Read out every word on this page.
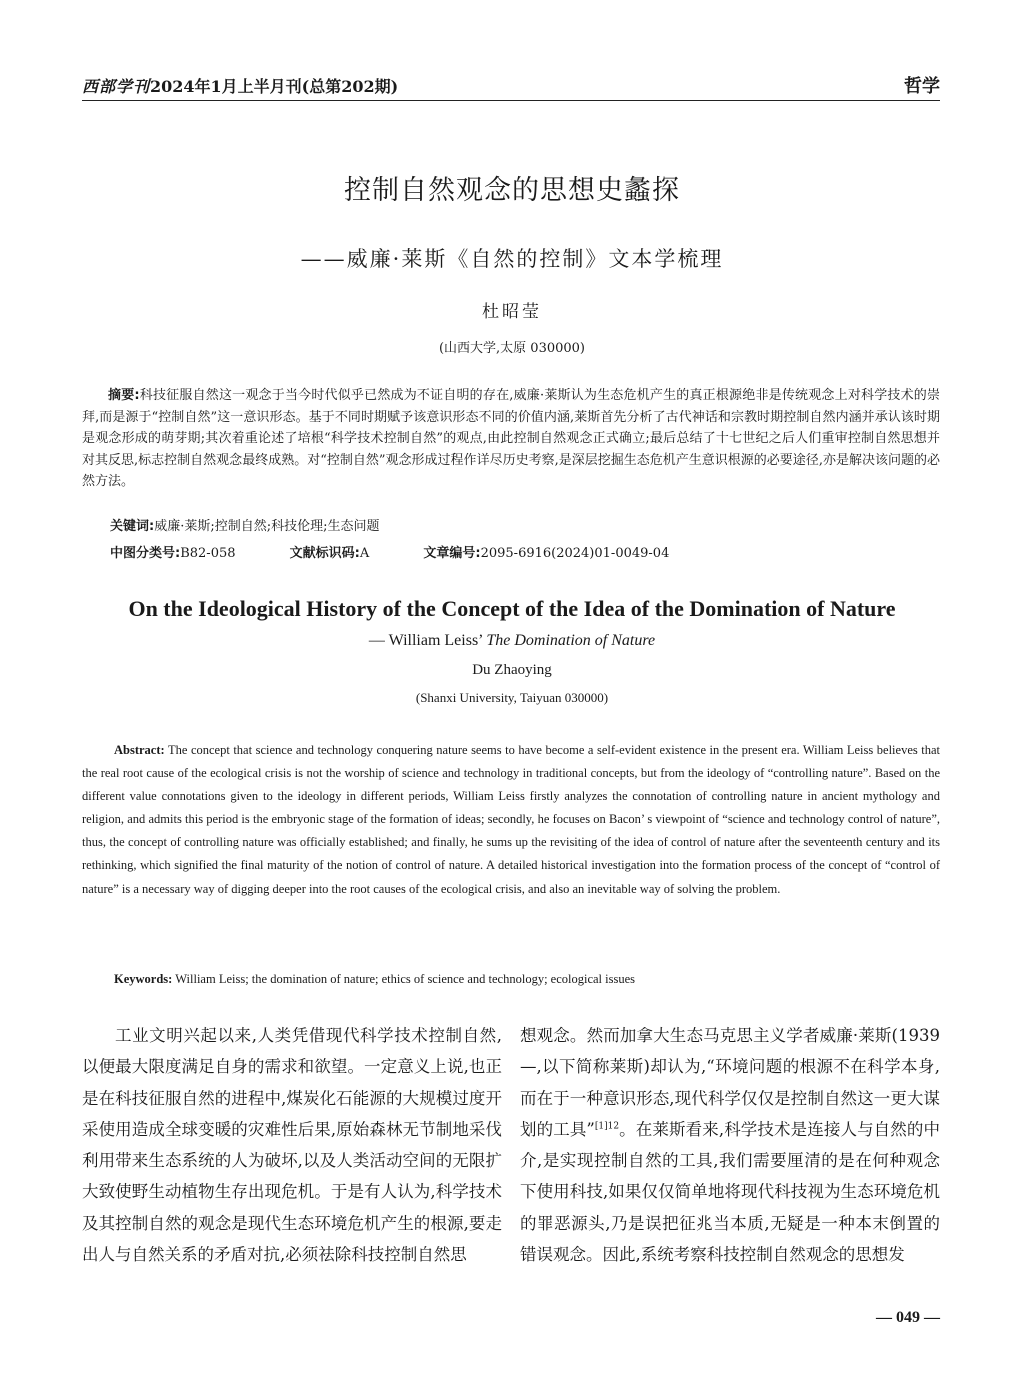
西部学刊2024年1月上半月刊(总第202期)	哲学
控制自然观念的思想史蠡探
——威廉·莱斯《自然的控制》文本学梳理
杜昭莹
(山西大学,太原 030000)
摘要:科技征服自然这一观念于当今时代似乎已然成为不证自明的存在,威廉·莱斯认为生态危机产生的真正根源绝非是传统观念上对科学技术的崇拜,而是源于“控制自然”这一意识形态。基于不同时期赋予该意识形态不同的价值内涵,莱斯首先分析了古代神话和宗教时期控制自然内涵并承认该时期是观念形成的萌芽期;其次着重论述了培根“科学技术控制自然”的观点,由此控制自然观念正式确立;最后总结了十七世纪之后人们重审控制自然思想并对其反思,标志控制自然观念最终成熟。对“控制自然”观念形成过程作详尽历史考察,是深层挖掘生态危机产生意识根源的必要途径,亦是解决该问题的必然方法。
关键词:威廉·莱斯;控制自然;科技伦理;生态问题
中图分类号:B82-058	文献标识码:A	文章编号:2095-6916(2024)01-0049-04
On the Ideological History of the Concept of the Idea of the Domination of Nature
— William Leiss’ The Domination of Nature
Du Zhaoying
(Shanxi University, Taiyuan 030000)
Abstract: The concept that science and technology conquering nature seems to have become a self-evident existence in the present era. William Leiss believes that the real root cause of the ecological crisis is not the worship of science and technology in traditional concepts, but from the ideology of “controlling nature”. Based on the different value connotations given to the ideology in different periods, William Leiss firstly analyzes the connotation of controlling nature in ancient mythology and religion, and admits this period is the embryonic stage of the formation of ideas; secondly, he focuses on Bacon’ s viewpoint of “science and technology control of nature”, thus, the concept of controlling nature was officially established; and finally, he sums up the revisiting of the idea of control of nature after the seventeenth century and its rethinking, which signified the final maturity of the notion of control of nature. A detailed historical investigation into the formation process of the concept of “control of nature” is a necessary way of digging deeper into the root causes of the ecological crisis, and also an inevitable way of solving the problem.
Keywords: William Leiss; the domination of nature; ethics of science and technology; ecological issues

工业文明兴起以来,人类凭借现代科学技术控制自然,以便最大限度满足自身的需求和欲望。一定意义上说,也正是在科技征服自然的进程中,煤炭化石能源的大规模过度开采使用造成全球变暖的灾难性后果,原始森林无节制地采伐利用带来生态系统的人为破坏,以及人类活动空间的无限扩大致使野生动植物生存出现危机。于是有人认为,科学技术及其控制自然的观念是现代生态环境危机产生的根源,要走出人与自然关系的矛盾对抗,必须祛除科技控制自然思

想观念。然而加拿大生态马克思主义学者威廉·莱斯(1939—,以下简称莱斯)却认为,“环境问题的根源不在科学本身,而在于一种意识形态,现代科学仅仅是控制自然这一更大谋划的工具”$^{[1]12}$。在莱斯看来,科学技术是连接人与自然的中介,是实现控制自然的工具,我们需要厘清的是在何种观念下使用科技,如果仅仅简单地将现代科技视为生态环境危机的罪恶源头,乃是误把征兆当本质,无疑是一种本末倒置的错误观念。因此,系统考察科技控制自然观念的思想发

— 049 —
